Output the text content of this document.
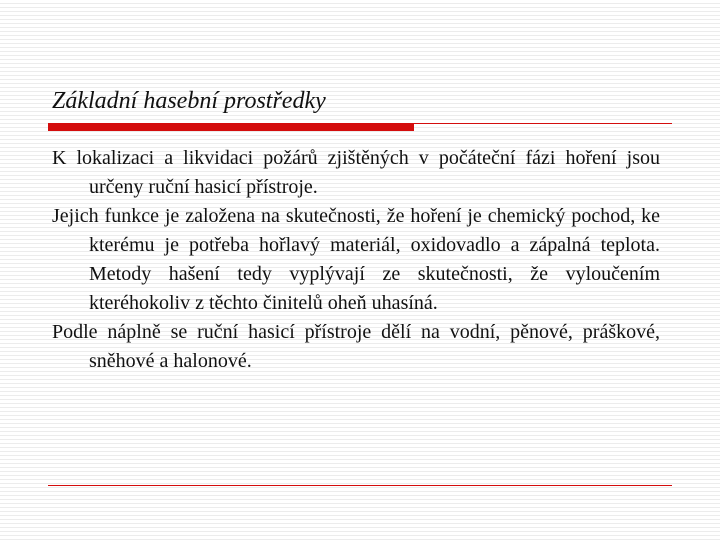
Základní hasební prostředky

K lokalizaci a likvidaci požárů zjištěných v počáteční fázi hoření jsou určeny ruční hasicí přístroje.

Jejich funkce je založena na skutečnosti, že hoření je chemický pochod, ke kterému je potřeba hořlavý materiál, oxidovadlo a zápalná teplota. Metody hašení tedy vyplývají ze skutečnosti, že vyloučením kteréhokoliv z těchto činitelů oheň uhasíná.

Podle náplně se ruční hasicí přístroje dělí na vodní, pěnové, práškové, sněhové a halonové.
